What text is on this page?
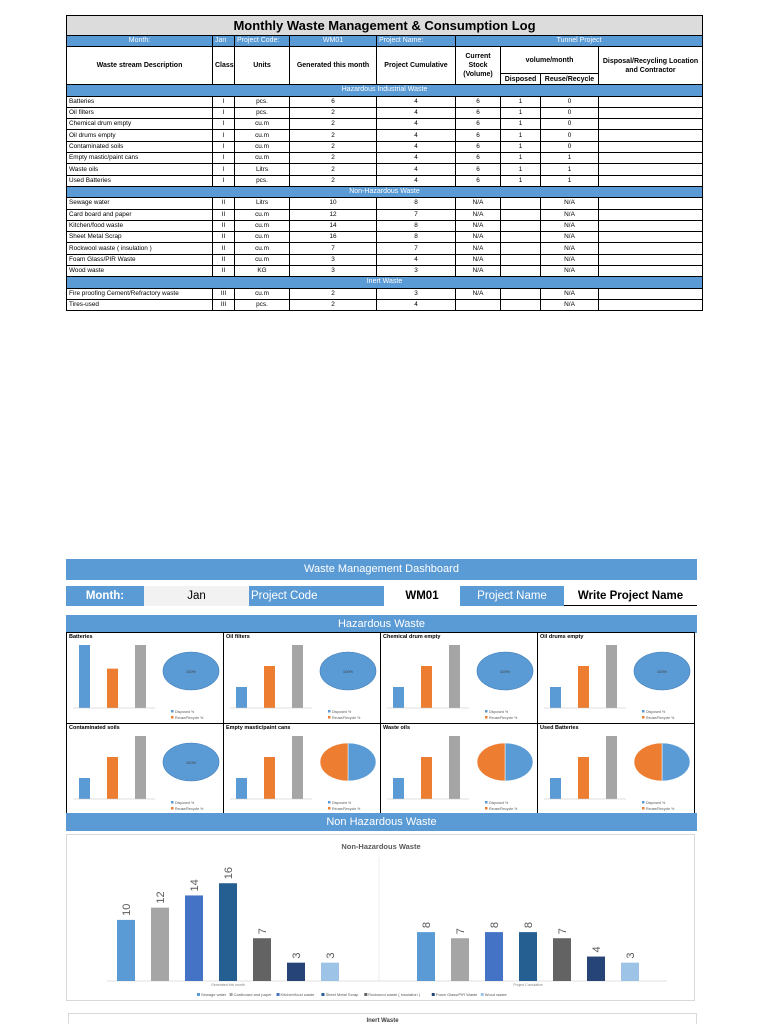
Monthly Waste Management & Consumption Log								
Month:	Jan	Project Code:	WM01	Project Name:	Tunnel Project			
Waste stream Description	Class	Units	Generated this month	Project Cumulative	Current Stock (Volume)	volume/month		Disposal/Recycling Location and Contractor
						Disposed	Reuse/Recycle	
Hazardous Industrial Waste								
Batteries	I	pcs.	6	4	6	1	0	
Oil filters	I	pcs.	2	4	6	1	0	
Chemical drum empty	I	cu.m	2	4	6	1	0	
Oil drums empty	I	cu.m	2	4	6	1	0	
Contaminated soils	I	cu.m	2	4	6	1	0	
Empty mastic/paint cans	I	cu.m	2	4	6	1	1	
Waste oils	I	Litrs	2	4	6	1	1	
Used Batteries	I	pcs.	2	4	6	1	1	
Non-Hazardous Waste								
Sewage water	II	Litrs	10	8	N/A		N/A	
Card board and paper	II	cu.m	12	7	N/A		N/A	
Kitchen/food waste	II	cu.m	14	8	N/A		N/A	
Sheet Metal Scrap	II	cu.m	16	8	N/A		N/A	
Rockwool waste ( insulation )	II	cu.m	7	7	N/A		N/A	
Foam Glass/PIR Waste	II	cu.m	3	4	N/A		N/A	
Wood waste	II	KG	3	3	N/A		N/A	
Inert Waste								
Fire proofing Cement/Refractory waste	III	cu.m	2	3	N/A		N/A	
Tires-used	III	pcs.	2	4			N/A	
Waste Management Dashboard
Month:	Jan	Project Code	WM01	Project Name	Write Project Name
Hazardous Waste
Batteries
100%
Disposed %
Reuse/Recycle %
Oil filters
100%
Disposed %
Reuse/Recycle %
Chemical drum empty
100%
Disposed %
Reuse/Recycle %
Oil drums empty
100%
Disposed %
Reuse/Recycle %
Contaminated soils
100%
Disposed %
Reuse/Recycle %
Empty mastic/paint cans
Disposed %
Reuse/Recycle %
Waste oils
Disposed %
Reuse/Recycle %
Used Batteries
Disposed %
Reuse/Recycle %
Non Hazardous Waste
Non-Hazardous Waste
10
12
14
16
7
3 3
Generated this month
8
7
8 8
7
4
3
Project Cumulative
Sewage water Cardboard and paper Kitchen/food waste	Sheet Metal Scrap Rockwool waste ( insulation )	Foam Glass/PIR Waste Wood waste
Inert Waste
